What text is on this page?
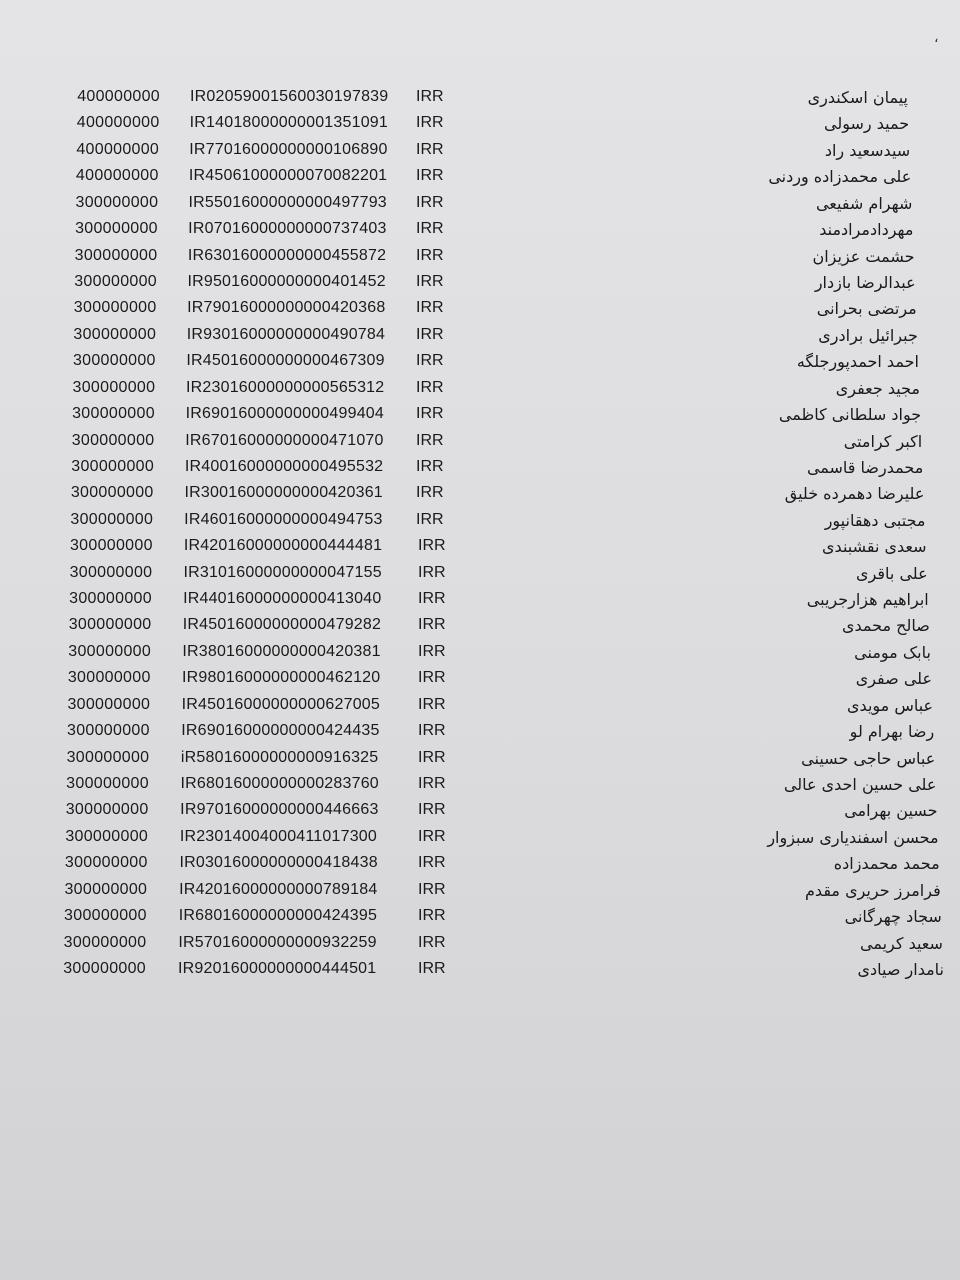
،
400000000 IR02059001560030197839	IRR	پیمان اسکندری
400000000 IR14018000000001351091	IRR	حمید رسولی
400000000 IR77016000000000106890	IRR	سیدسعید راد
400000000 IR45061000000070082201	IRR	علی محمدزاده وردنی
300000000 IR55016000000000497793	IRR	شهرام شفیعی
300000000 IR07016000000000737403	IRR	مهردادمرادمند
300000000 IR63016000000000455872	IRR	حشمت عزیزان
300000000 IR95016000000000401452	IRR	عبدالرضا بازدار
300000000 IR79016000000000420368	IRR	مرتضی بحرانی
300000000 IR93016000000000490784	IRR	جبرائیل برادری
300000000 IR45016000000000467309	IRR	احمد احمدپورجلگه
300000000 IR23016000000000565312	IRR	مجید جعفری
300000000 IR69016000000000499404	IRR	جواد سلطانی کاظمی
300000000 IR67016000000000471070	IRR	اکبر کرامتی
300000000 IR40016000000000495532	IRR	محمدرضا قاسمی
300000000 IR30016000000000420361	IRR	علیرضا دهمرده خلیق
300000000 IR46016000000000494753	IRR	مجتبی دهقانپور
300000000 IR42016000000000444481	IRR	سعدی نقشبندی
300000000 IR31016000000000047155	IRR	علی باقری
300000000 IR44016000000000413040	IRR	ابراهیم هزارجریبی
300000000 IR45016000000000479282	IRR	صالح محمدی
300000000 IR38016000000000420381	IRR	بابک مومنی
300000000 IR98016000000000462120	IRR	علی صفری
300000000 IR45016000000000627005	IRR	عباس مویدی
300000000 IR69016000000000424435	IRR	رضا بهرام لو
300000000 iR58016000000000916325	IRR	عباس حاجی حسینی
300000000 IR68016000000000283760	IRR	علی حسین احدی عالی
300000000 IR97016000000000446663	IRR	حسین بهرامی
300000000 IR23014004000411017300	IRR	محسن اسفندیاری سبزوار
300000000 IR03016000000000418438	IRR	محمد محمدزاده
300000000 IR42016000000000789184	IRR	فرامرز حریری مقدم
300000000 IR68016000000000424395	IRR	سجاد چهرگانی
300000000 IR57016000000000932259	IRR	سعید کریمی
300000000 IR92016000000000444501	IRR	نامدار صیادی
